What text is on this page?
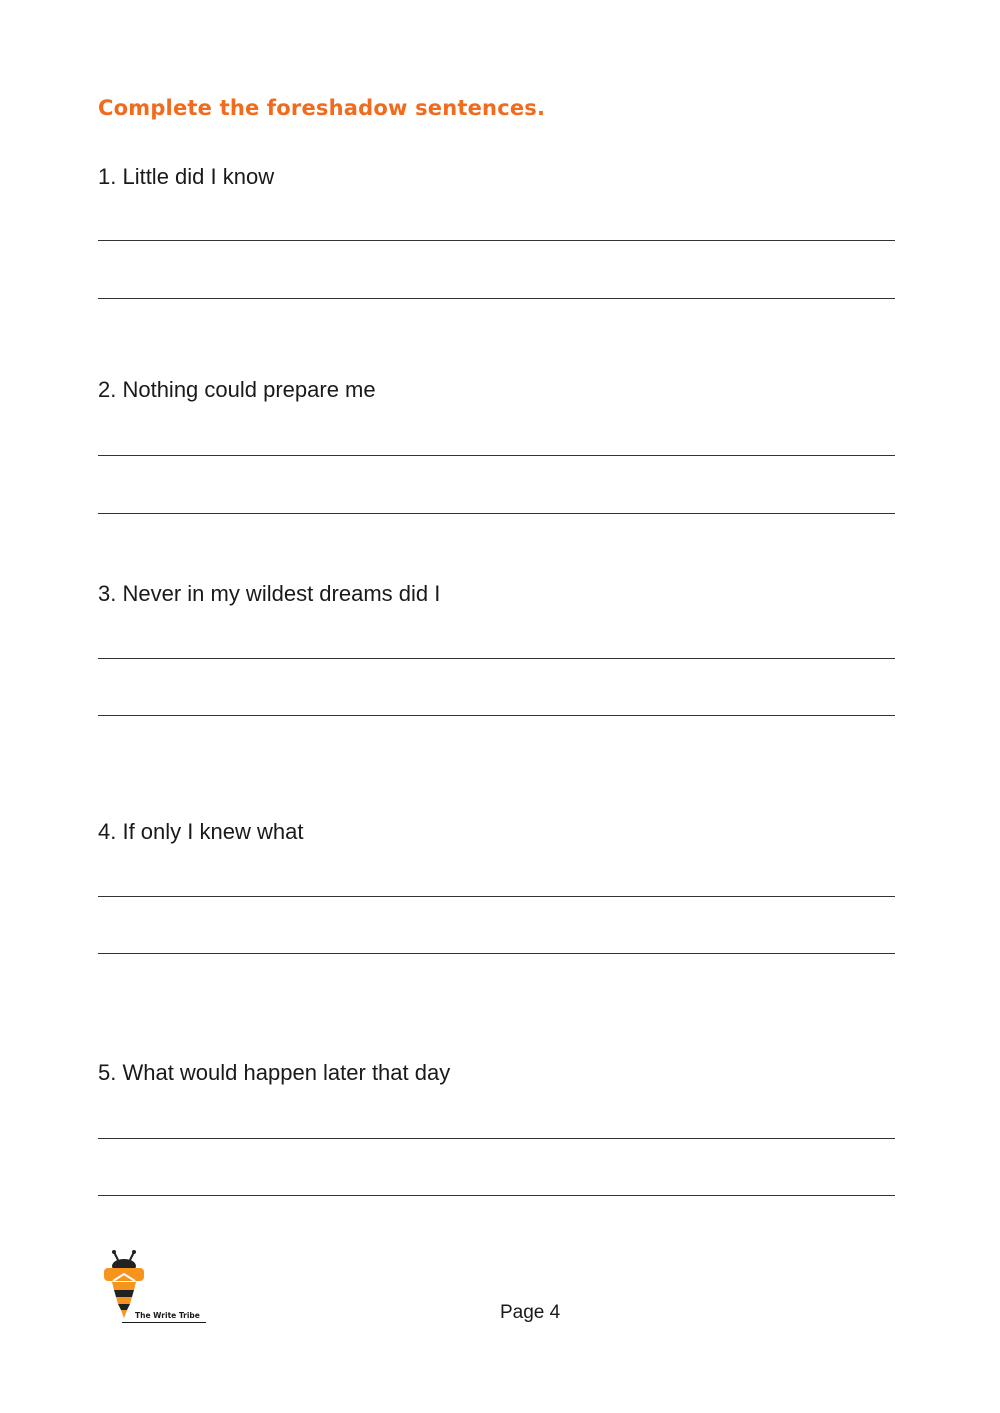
Complete the foreshadow sentences.
1. Little did I know
2. Nothing could prepare me
3. Never in my wildest dreams did I
4. If only I knew what
5. What would happen later that day
The Write Tribe	Page 4
